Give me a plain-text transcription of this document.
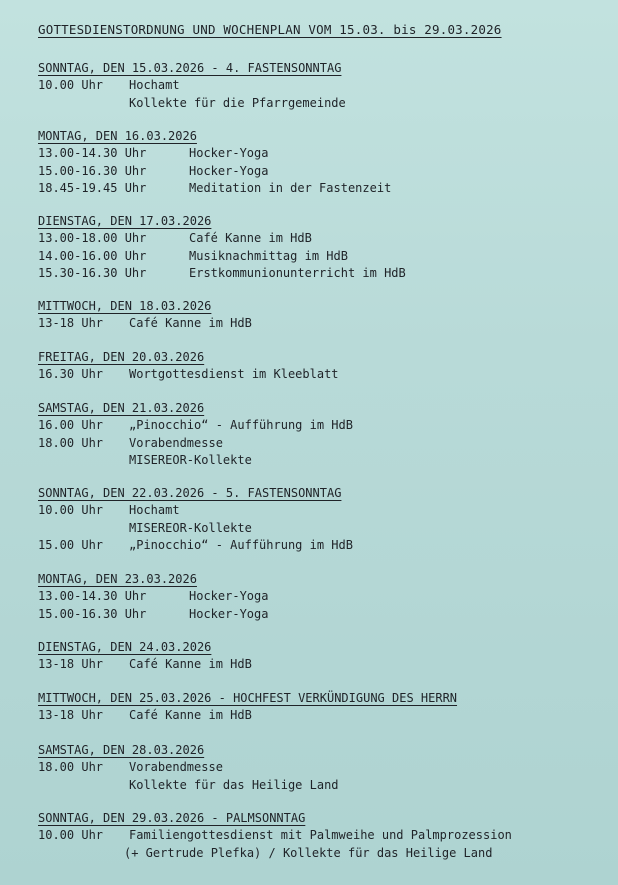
GOTTESDIENSTORDNUNG UND WOCHENPLAN VOM 15.03. bis 29.03.2026
SONNTAG, DEN 15.03.2026 - 4. FASTENSONNTAG
10.00 Uhr Hochamt
Kollekte für die Pfarrgemeinde
MONTAG, DEN 16.03.2026
13.00-14.30 Uhr	Hocker-Yoga
15.00-16.30 Uhr	Hocker-Yoga
18.45-19.45 Uhr	Meditation in der Fastenzeit
DIENSTAG, DEN 17.03.2026
13.00-18.00 Uhr	Café Kanne im HdB
14.00-16.00 Uhr	Musiknachmittag im HdB
15.30-16.30 Uhr	Erstkommunionunterricht im HdB
MITTWOCH, DEN 18.03.2026
13-18 Uhr Café Kanne im HdB
FREITAG, DEN 20.03.2026
16.30 Uhr Wortgottesdienst im Kleeblatt
SAMSTAG, DEN 21.03.2026
16.00 Uhr „Pinocchio“ - Aufführung im HdB
18.00 Uhr Vorabendmesse
MISEREOR-Kollekte
SONNTAG, DEN 22.03.2026 - 5. FASTENSONNTAG
10.00 Uhr Hochamt
MISEREOR-Kollekte
15.00 Uhr „Pinocchio“ - Aufführung im HdB
MONTAG, DEN 23.03.2026
13.00-14.30 Uhr	Hocker-Yoga
15.00-16.30 Uhr	Hocker-Yoga
DIENSTAG, DEN 24.03.2026
13-18 Uhr Café Kanne im HdB
MITTWOCH, DEN 25.03.2026 - HOCHFEST VERKÜNDIGUNG DES HERRN
13-18 Uhr Café Kanne im HdB
SAMSTAG, DEN 28.03.2026
18.00 Uhr Vorabendmesse
Kollekte für das Heilige Land
SONNTAG, DEN 29.03.2026 - PALMSONNTAG
10.00 Uhr Familiengottesdienst mit Palmweihe und Palmprozession
(+ Gertrude Plefka) / Kollekte für das Heilige Land
